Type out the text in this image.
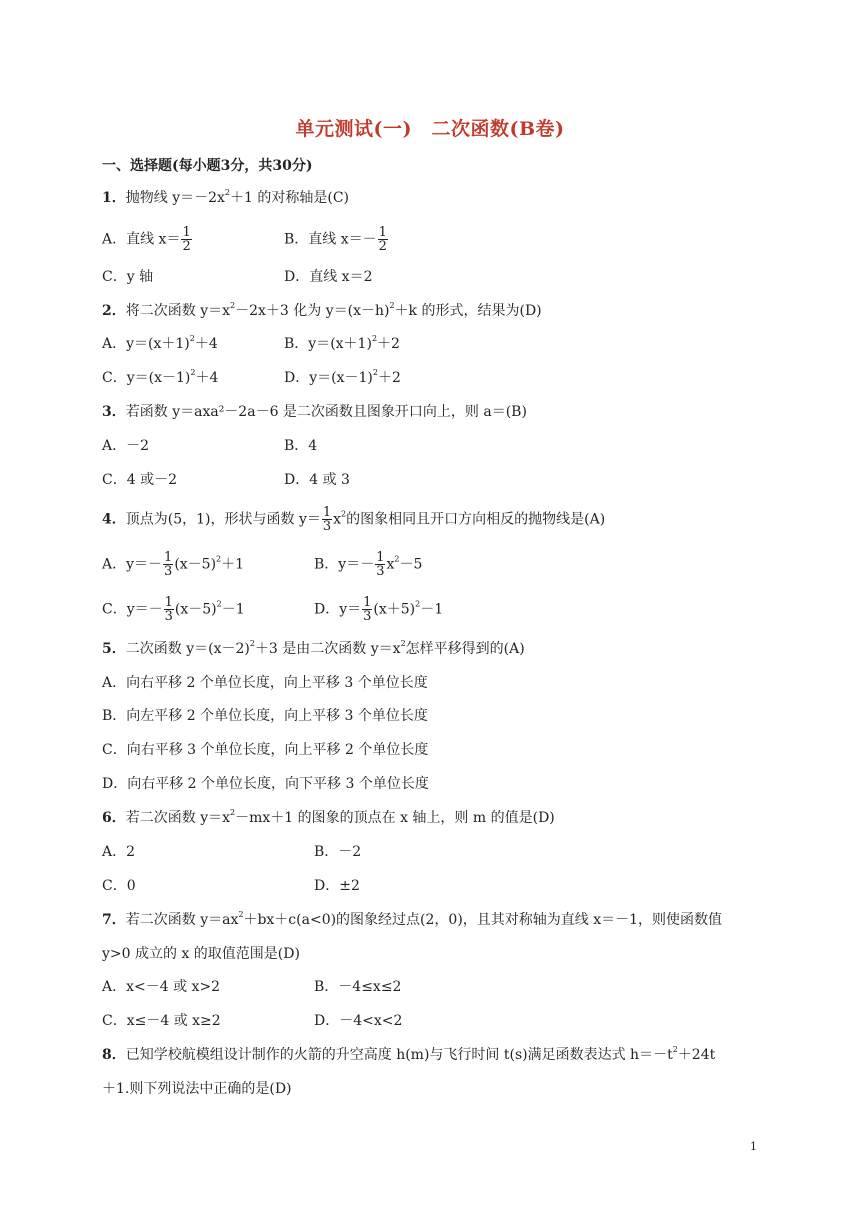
单元测试(一)　二次函数(B卷)
一、选择题(每小题3分，共30分)
1．抛物线 $y=-2x^2+1$ 的对称轴是(C)
A．直线 $x= \frac{1}{2}$	B．直线 $x=- \frac{1}{2}$
C．y 轴	D．直线 x＝2
2．将二次函数 $y=x^2-2x+3$ 化为 $y=(x-h)^2+k$ 的形式，结果为(D)
A．$y=(x+1)^2+4$	B．$y=(x+1)^2+2$
C．$y=(x-1)^2+4$	D．$y=(x-1)^2+2$
3．若函数 y＝axa²－2a－6 是二次函数且图象开口向上，则 a＝(B)
A．－2	B．4
C．4 或－2	D．4 或 3
4．顶点为(5，1)，形状与函数 $y= \frac{1}{3} x^2$的图象相同且开口方向相反的抛物线是(A)
A．$y=- \frac{1}{3} (x-5)^2+1$	B．$y=- \frac{1}{3} x^2-5$
C．$y=- \frac{1}{3} (x-5)^2-1$	D．$y= \frac{1}{3} (x+5)^2-1$
5．二次函数 $y=(x-2)^2+3$ 是由二次函数 $y=x^2$怎样平移得到的(A)
A．向右平移 2 个单位长度，向上平移 3 个单位长度
B．向左平移 2 个单位长度，向上平移 3 个单位长度
C．向右平移 3 个单位长度，向上平移 2 个单位长度
D．向右平移 2 个单位长度，向下平移 3 个单位长度
6．若二次函数 $y=x^2-mx+1$ 的图象的顶点在 x 轴上，则 m 的值是(D)
A．2	B．－2
C．0	D．±2
7．若二次函数 $y=ax^2+bx+c(a<0)$的图象经过点(2，0)，且其对称轴为直线 x＝－1，则使函数值
y>0 成立的 x 的取值范围是(D)
A．x<－4 或 x>2	B．－4≤x≤2
C．x≤－4 或 x≥2	D．－4<x<2
8．已知学校航模组设计制作的火箭的升空高度 h(m)与飞行时间 t(s)满足函数表达式 $h=-t^2+24t$
＋1.则下列说法中正确的是(D)
1
